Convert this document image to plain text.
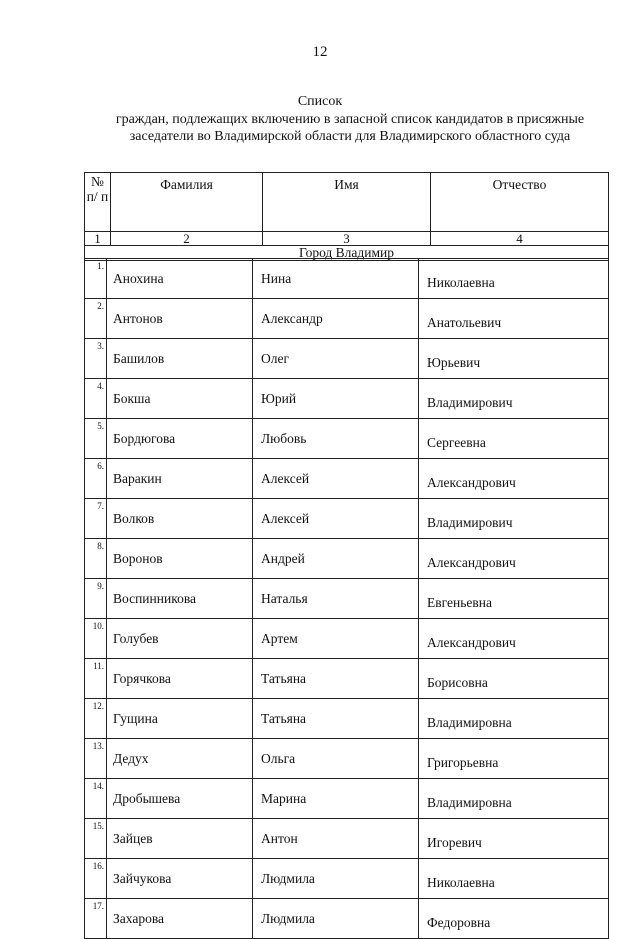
12
Список
граждан, подлежащих включению в запасной список кандидатов в присяжные заседатели во Владимирской области для Владимирского областного суда
№ п/ п	Фамилия	Имя	Отчество
1	2	3	4
Город Владимир			
1.	Анохина	Нина	Николаевна
2.	Антонов	Александр	Анатольевич
3.	Башилов	Олег	Юрьевич
4.	Бокша	Юрий	Владимирович
5.	Бордюгова	Любовь	Сергеевна
6.	Варакин	Алексей	Александрович
7.	Волков	Алексей	Владимирович
8.	Воронов	Андрей	Александрович
9.	Воспинникова	Наталья	Евгеньевна
10.	Голубев	Артем	Александрович
11.	Горячкова	Татьяна	Борисовна
12.	Гущина	Татьяна	Владимировна
13.	Дедух	Ольга	Григорьевна
14.	Дробышева	Марина	Владимировна
15.	Зайцев	Антон	Игоревич
16.	Зайчукова	Людмила	Николаевна
17.	Захарова	Людмила	Федоровна
